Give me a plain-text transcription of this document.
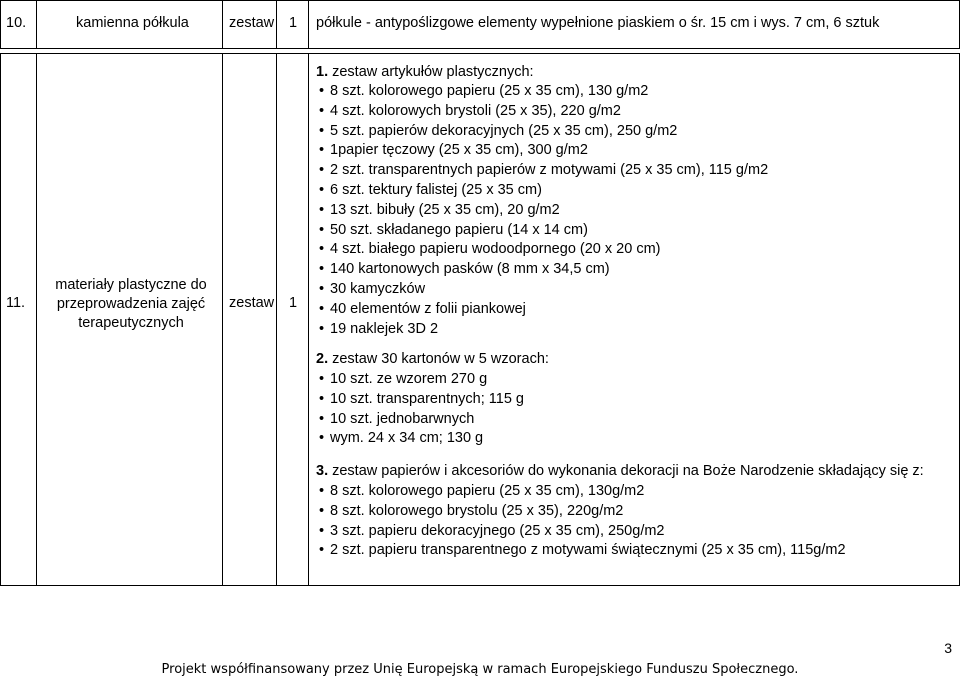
10.	kamienna półkula	zestaw 1 półkule - antypoślizgowe elementy wypełnione piaskiem o śr. 15 cm i wys. 7 cm, 6 sztuk
11.
materiały plastyczne do przeprowadzenia zajęć terapeutycznych
zestaw 1
1. zestaw artykułów plastycznych:
• 8 szt. kolorowego papieru (25 x 35 cm), 130 g/m2
• 4 szt. kolorowych brystoli (25 x 35), 220 g/m2
• 5 szt. papierów dekoracyjnych (25 x 35 cm), 250 g/m2
• 1papier tęczowy (25 x 35 cm), 300 g/m2
• 2 szt. transparentnych papierów z motywami (25 x 35 cm), 115 g/m2
• 6 szt. tektury falistej (25 x 35 cm)
• 13 szt. bibuły (25 x 35 cm), 20 g/m2
• 50 szt. składanego papieru (14 x 14 cm)
• 4 szt. białego papieru wodoodpornego (20 x 20 cm)
• 140 kartonowych pasków (8 mm x 34,5 cm)
• 30 kamyczków
• 40 elementów z folii piankowej
• 19 naklejek 3D 2
2. zestaw 30 kartonów w 5 wzorach:
• 10 szt. ze wzorem 270 g
• 10 szt. transparentnych; 115 g
• 10 szt. jednobarwnych
• wym. 24 x 34 cm; 130 g
3. zestaw papierów i akcesoriów do wykonania dekoracji na Boże Narodzenie składający się z:
• 8 szt. kolorowego papieru (25 x 35 cm), 130g/m2
• 8 szt. kolorowego brystolu (25 x 35), 220g/m2
• 3 szt. papieru dekoracyjnego (25 x 35 cm), 250g/m2
• 2 szt. papieru transparentnego z motywami świątecznymi (25 x 35 cm), 115g/m2
3
Projekt współfinansowany przez Unię Europejską w ramach Europejskiego Funduszu Społecznego.
